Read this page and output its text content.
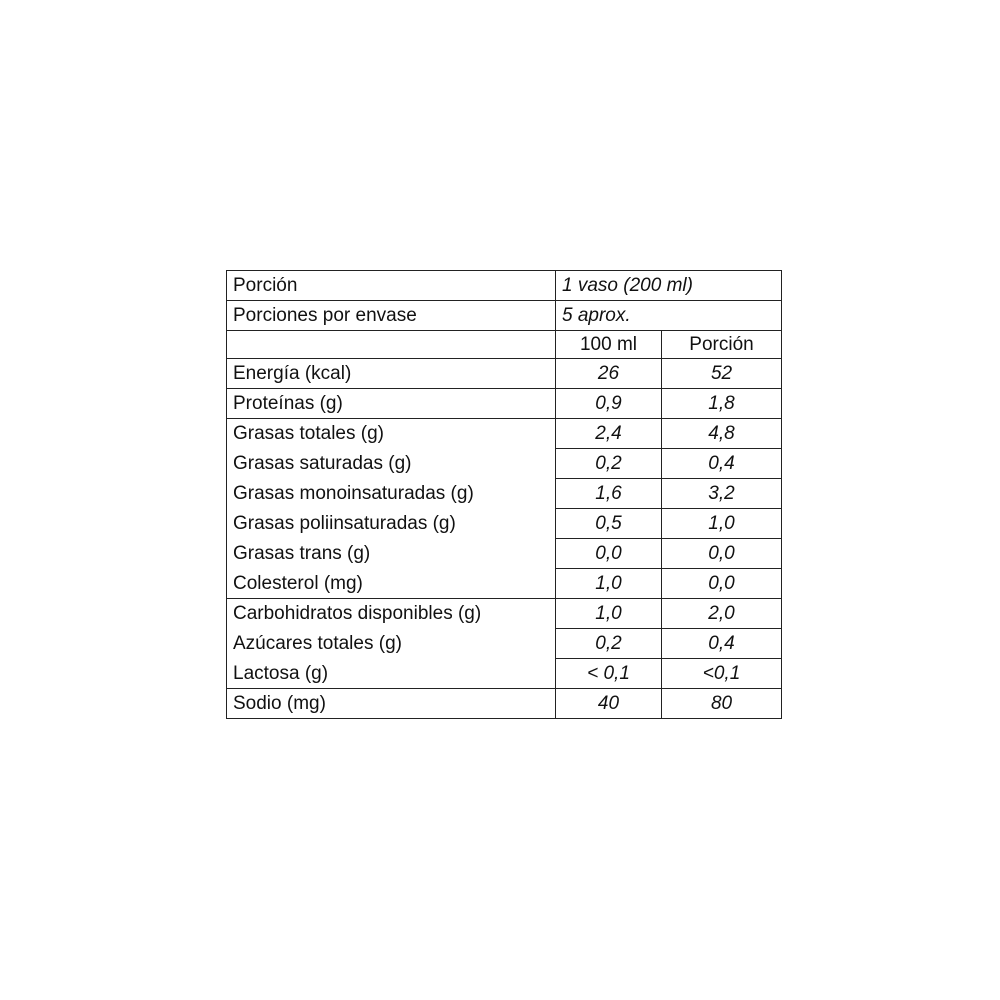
Porción	1 vaso (200 ml)	
Porciones por envase	5 aprox.	
	100 ml	Porción
Energía (kcal)	26	52
Proteínas (g)	0,9	1,8
Grasas totales (g)	2,4	4,8
Grasas saturadas (g)	0,2	0,4
Grasas monoinsaturadas (g)	1,6	3,2
Grasas poliinsaturadas (g)	0,5	1,0
Grasas trans (g)	0,0	0,0
Colesterol (mg)	1,0	0,0
Carbohidratos disponibles (g)	1,0	2,0
Azúcares totales (g)	0,2	0,4
Lactosa (g)	< 0,1	<0,1
Sodio (mg)	40	80
